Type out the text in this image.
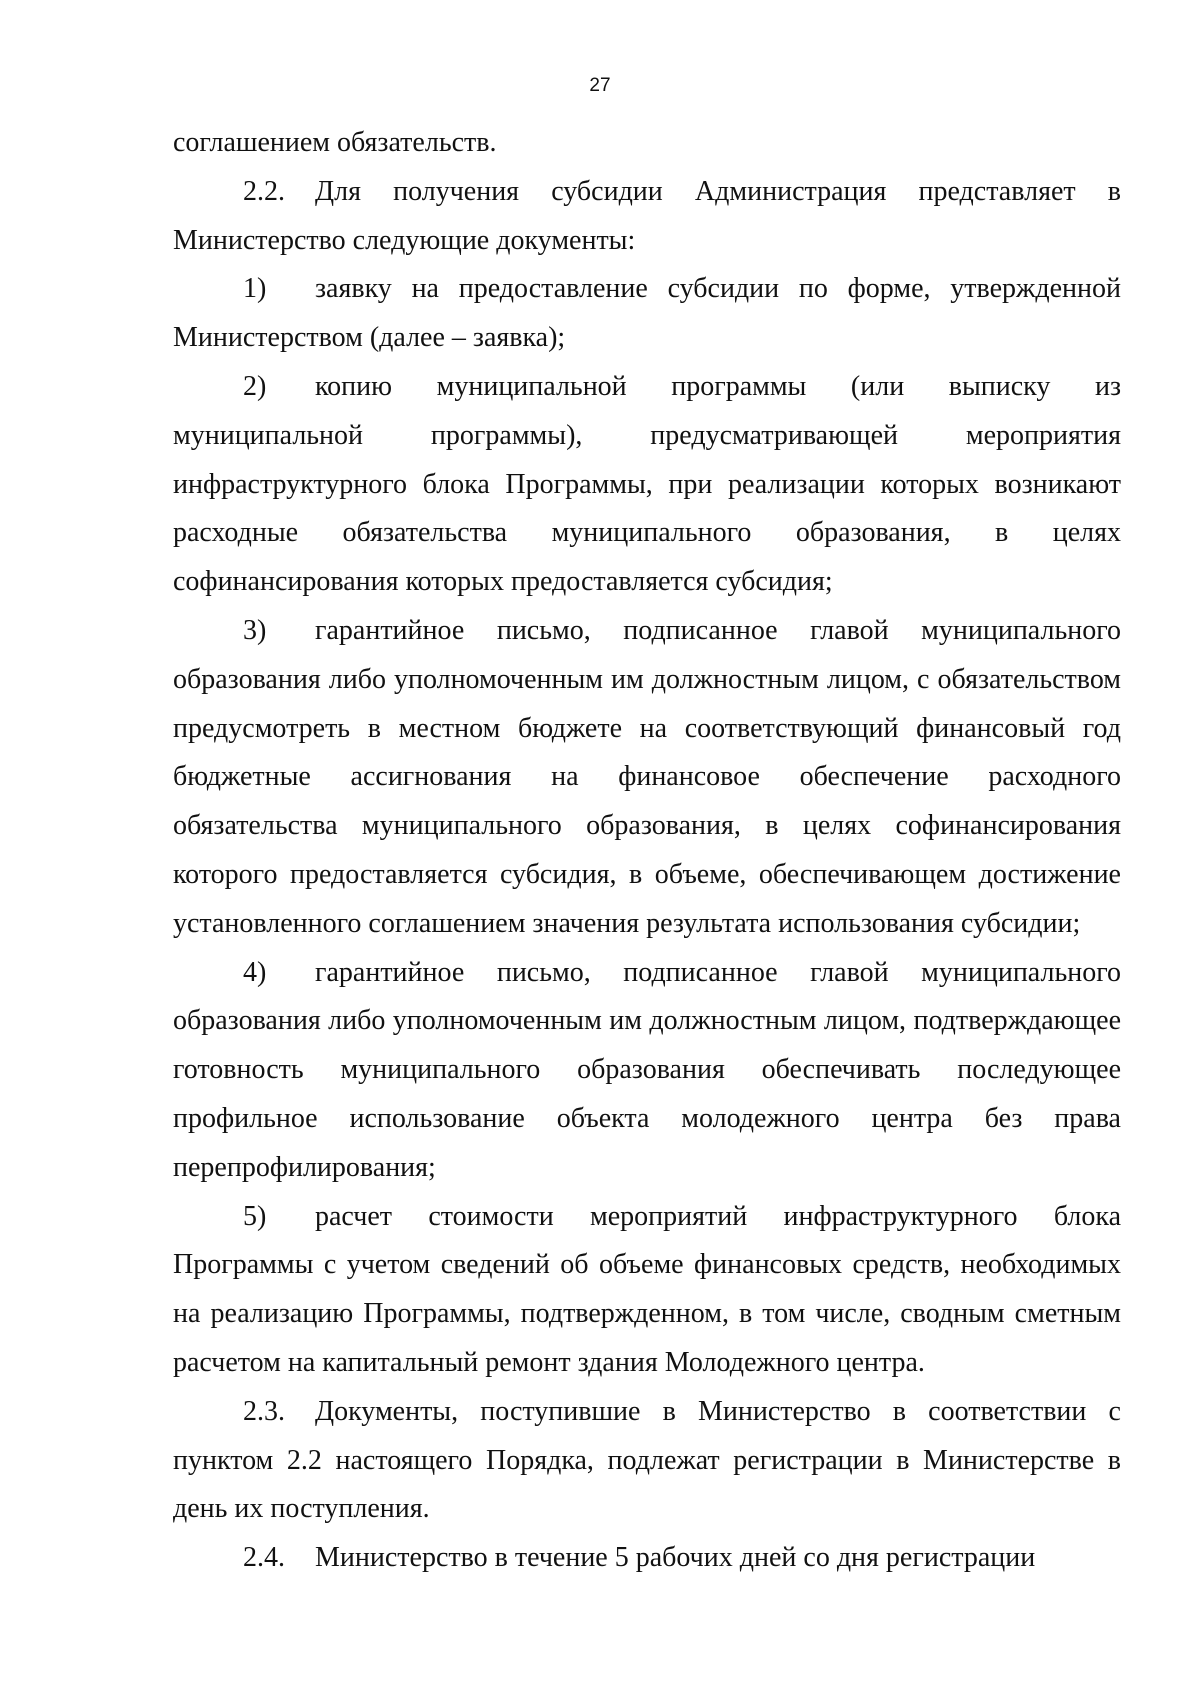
27

соглашением обязательств.

2.2. Для получения субсидии Администрация представляет в Министерство следующие документы:

1) заявку на предоставление субсидии по форме, утвержденной Министерством (далее – заявка);

2) копию муниципальной программы (или выписку из муниципальной программы), предусматривающей мероприятия инфраструктурного блока Программы, при реализации которых возникают расходные обязательства муниципального образования, в целях софинансирования которых предоставляется субсидия;

3) гарантийное письмо, подписанное главой муниципального образования либо уполномоченным им должностным лицом, с обязательством предусмотреть в местном бюджете на соответствующий финансовый год бюджетные ассигнования на финансовое обеспечение расходного обязательства муниципального образования, в целях софинансирования которого предоставляется субсидия, в объеме, обеспечивающем достижение установленного соглашением значения результата использования субсидии;

4) гарантийное письмо, подписанное главой муниципального образования либо уполномоченным им должностным лицом, подтверждающее готовность муниципального образования обеспечивать последующее профильное использование объекта молодежного центра без права перепрофилирования;

5) расчет стоимости мероприятий инфраструктурного блока Программы с учетом сведений об объеме финансовых средств, необходимых на реализацию Программы, подтвержденном, в том числе, сводным сметным расчетом на капитальный ремонт здания Молодежного центра.

2.3. Документы, поступившие в Министерство в соответствии с пунктом 2.2 настоящего Порядка, подлежат регистрации в Министерстве в день их поступления.

2.4. Министерство в течение 5 рабочих дней со дня регистрации
